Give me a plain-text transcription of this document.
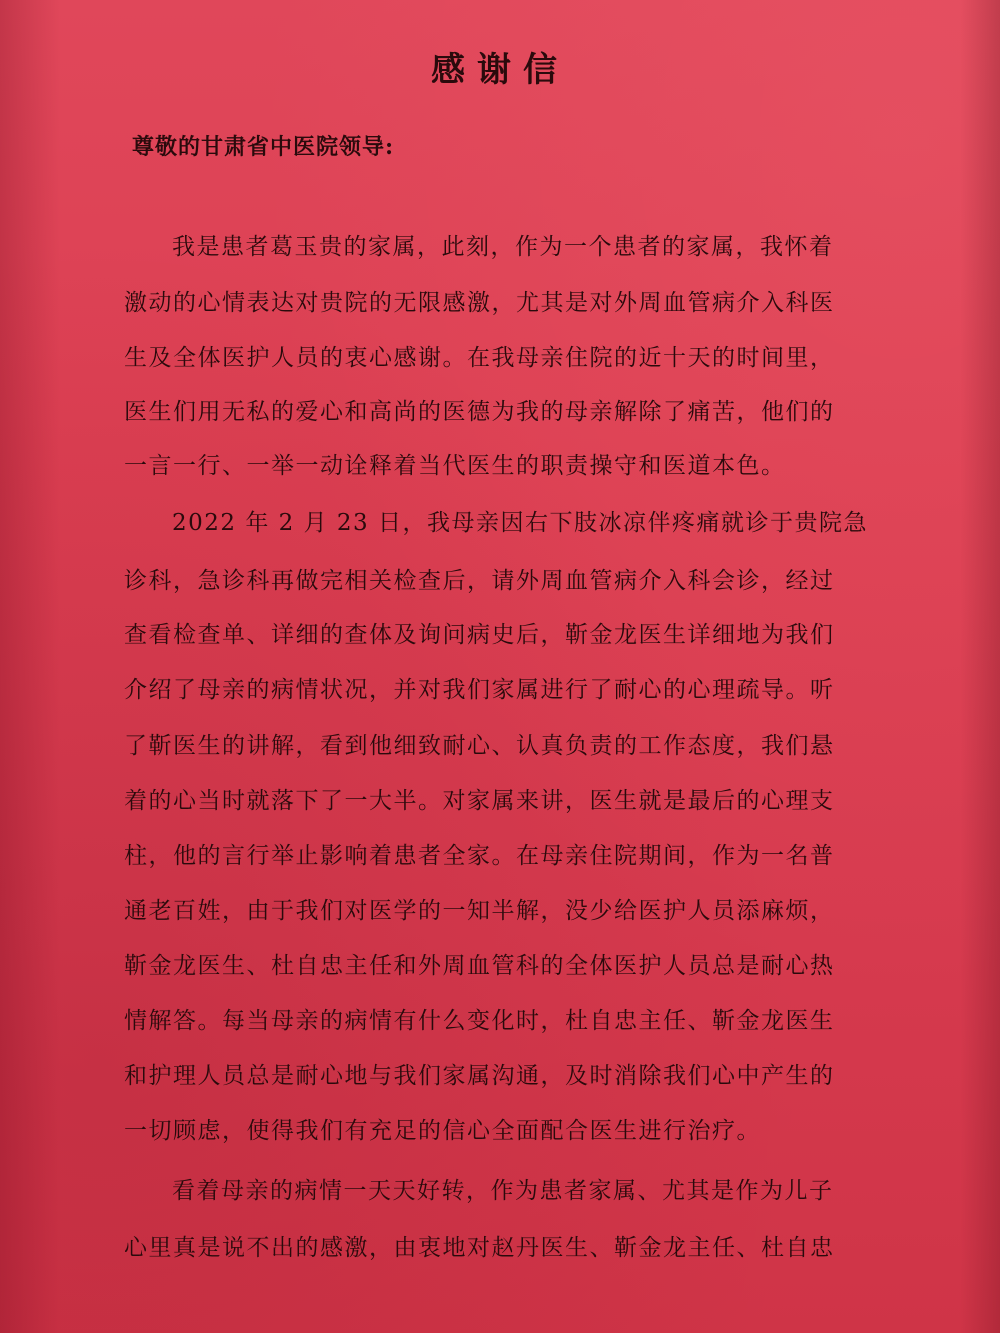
感谢信
尊敬的甘肃省中医院领导:
我是患者葛玉贵的家属，此刻，作为一个患者的家属，我怀着
激动的心情表达对贵院的无限感激，尤其是对外周血管病介入科医
生及全体医护人员的衷心感谢。在我母亲住院的近十天的时间里，
医生们用无私的爱心和高尚的医德为我的母亲解除了痛苦，他们的
一言一行、一举一动诠释着当代医生的职责操守和医道本色。
2022 年 2 月 23 日，我母亲因右下肢冰凉伴疼痛就诊于贵院急
诊科，急诊科再做完相关检查后，请外周血管病介入科会诊，经过
查看检查单、详细的查体及询问病史后，靳金龙医生详细地为我们
介绍了母亲的病情状况，并对我们家属进行了耐心的心理疏导。听
了靳医生的讲解，看到他细致耐心、认真负责的工作态度，我们悬
着的心当时就落下了一大半。对家属来讲，医生就是最后的心理支
柱，他的言行举止影响着患者全家。在母亲住院期间，作为一名普
通老百姓，由于我们对医学的一知半解，没少给医护人员添麻烦，
靳金龙医生、杜自忠主任和外周血管科的全体医护人员总是耐心热
情解答。每当母亲的病情有什么变化时，杜自忠主任、靳金龙医生
和护理人员总是耐心地与我们家属沟通，及时消除我们心中产生的
一切顾虑，使得我们有充足的信心全面配合医生进行治疗。
看着母亲的病情一天天好转，作为患者家属、尤其是作为儿子
心里真是说不出的感激，由衷地对赵丹医生、靳金龙主任、杜自忠
